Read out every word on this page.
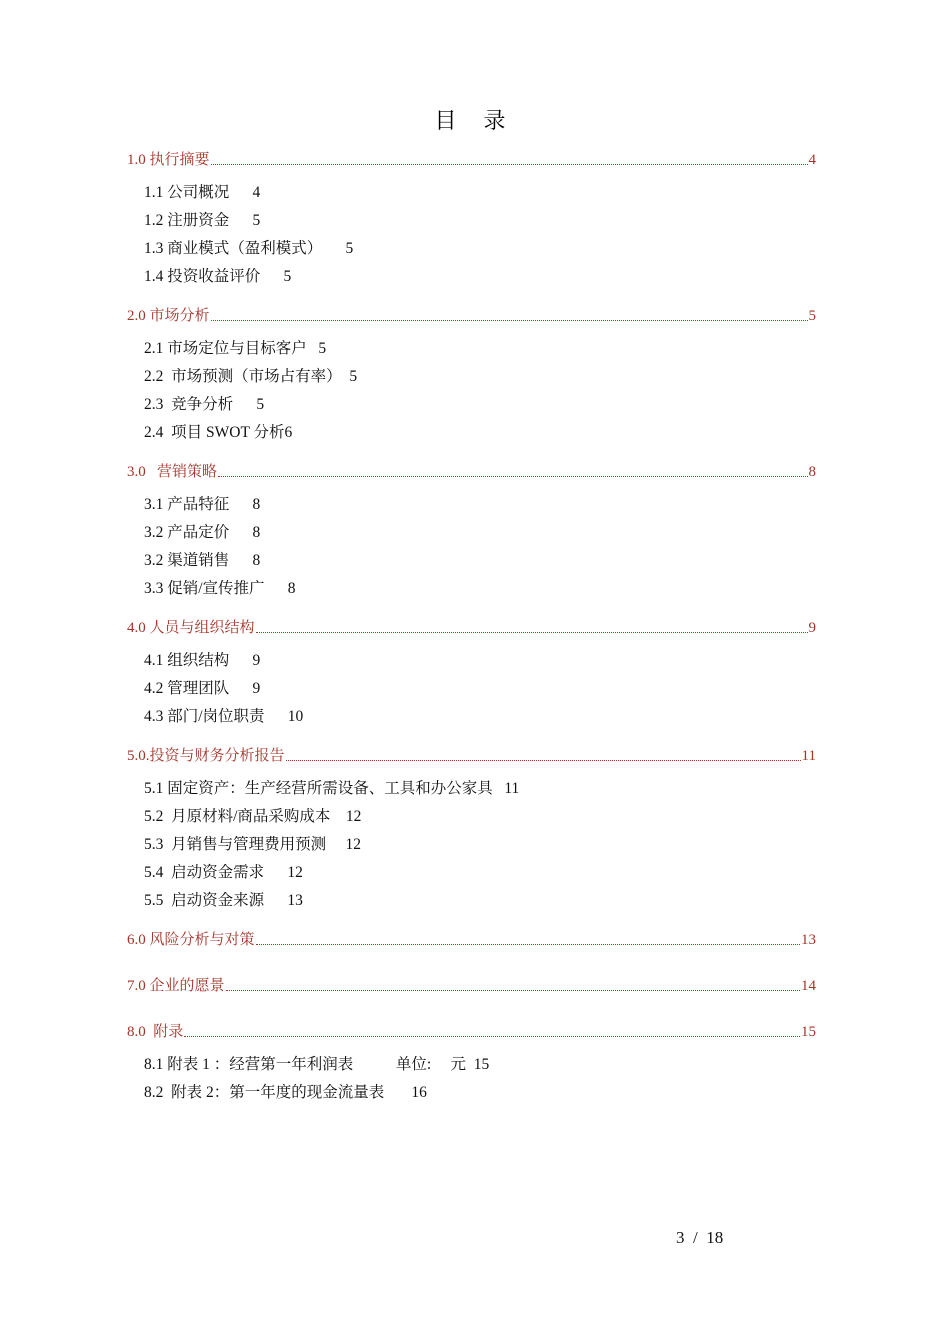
目 录
1.0 执行摘要	4
1.1 公司概况      4
1.2 注册资金      5
1.3 商业模式（盈利模式）      5
1.4 投资收益评价      5
2.0 市场分析	5
2.1 市场定位与目标客户   5
2.2  市场预测（市场占有率）  5
2.3  竞争分析      5
2.4  项目 SWOT 分析6
3.0   营销策略	8
3.1 产品特征      8
3.2 产品定价      8
3.2 渠道销售      8
3.3 促销/宣传推广      8
4.0 人员与组织结构	9
4.1 组织结构      9
4.2 管理团队      9
4.3 部门/岗位职责      10
5.0.投资与财务分析报告	11
5.1 固定资产：生产经营所需设备、工具和办公家具   11
5.2  月原材料/商品采购成本    12
5.3  月销售与管理费用预测     12
5.4  启动资金需求      12
5.5  启动资金来源      13
6.0 风险分析与对策	13
7.0 企业的愿景	14
8.0  附录	15
8.1 附表 1 ：经营第一年利润表           单位:     元  15
8.2  附表 2：第一年度的现金流量表       16
3  /  18
